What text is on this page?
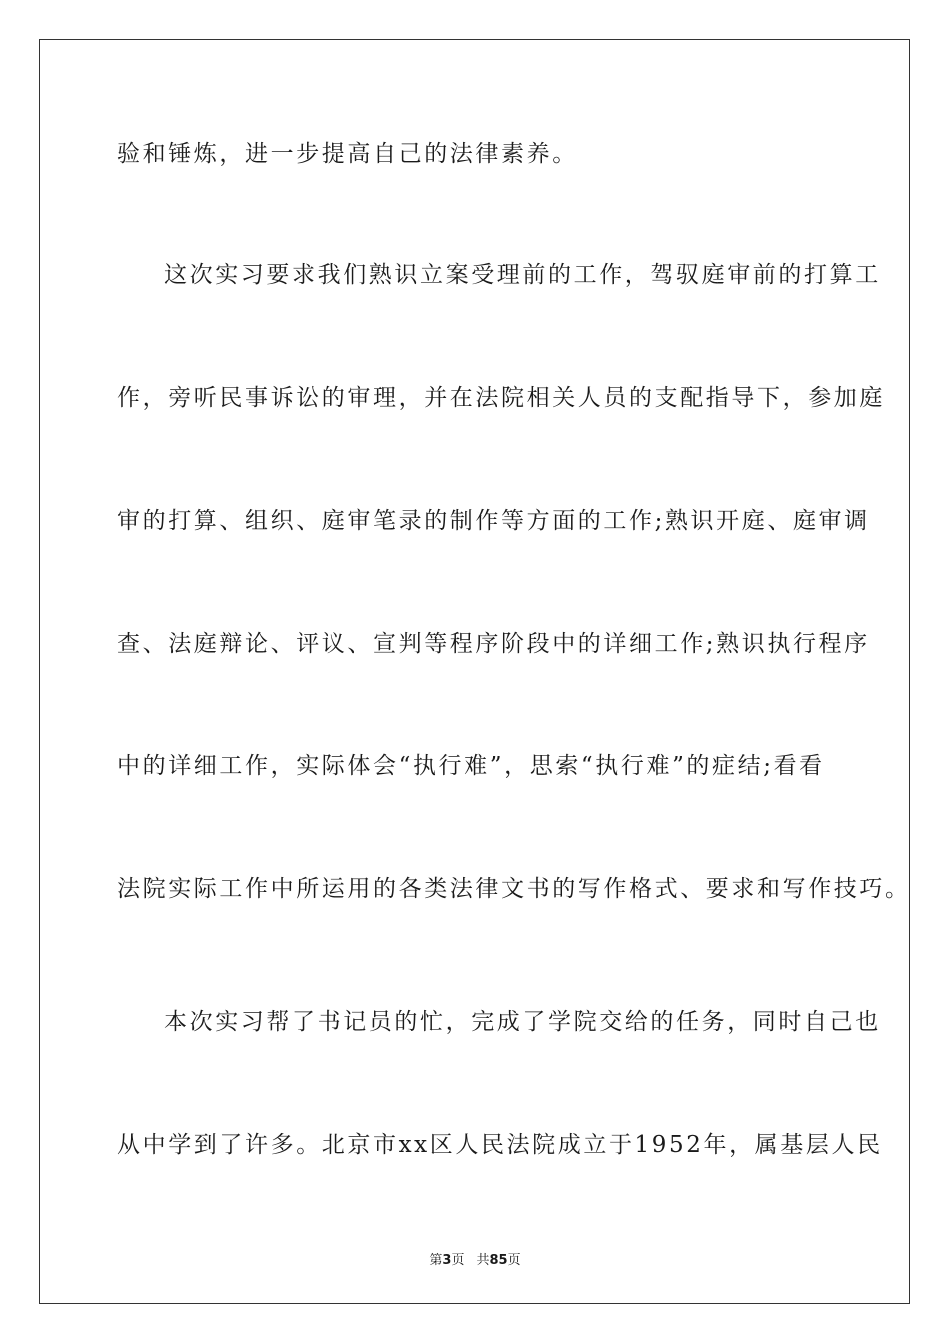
验和锤炼，进一步提高自己的法律素养。
这次实习要求我们熟识立案受理前的工作，驾驭庭审前的打算工
作，旁听民事诉讼的审理，并在法院相关人员的支配指导下，参加庭
审的打算、组织、庭审笔录的制作等方面的工作;熟识开庭、庭审调
查、法庭辩论、评议、宣判等程序阶段中的详细工作;熟识执行程序
中的详细工作，实际体会“执行难”，思索“执行难”的症结;看看
法院实际工作中所运用的各类法律文书的写作格式、要求和写作技巧。
本次实习帮了书记员的忙，完成了学院交给的任务，同时自己也
从中学到了许多。北京市xx区人民法院成立于1952年，属基层人民
第3页 共85页
